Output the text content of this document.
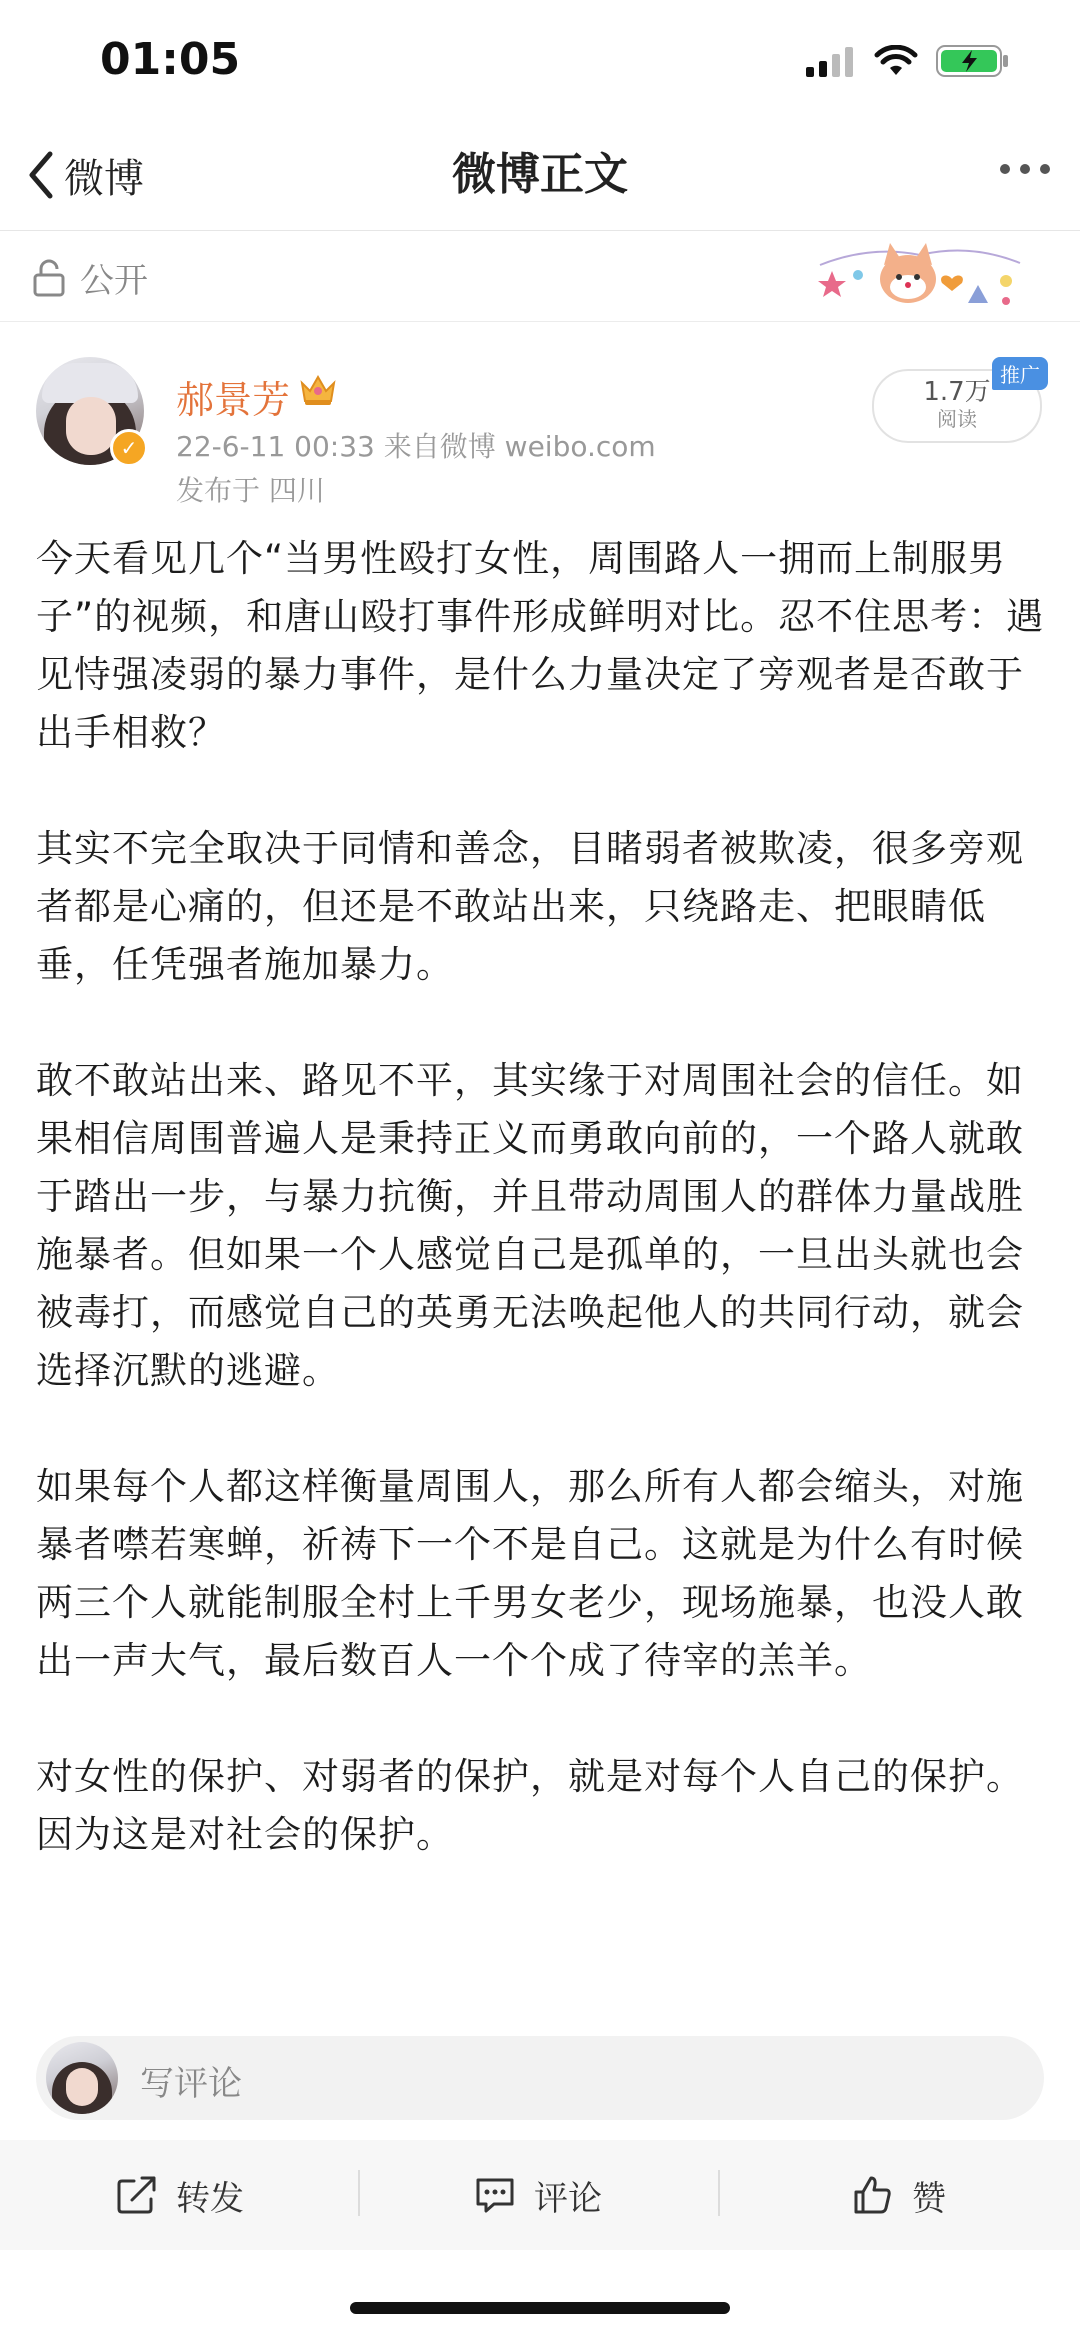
01:05
微博	微博正文
公开
✓
郝景芳
22-6-11 00:33 来自微博 weibo.com
发布于 四川
1.7万
阅读
推广

今天看见几个“当男性殴打女性，周围路人一拥而上制服男子”的视频，和唐山殴打事件形成鲜明对比。忍不住思考：遇见恃强凌弱的暴力事件，是什么力量决定了旁观者是否敢于出手相救？

其实不完全取决于同情和善念，目睹弱者被欺凌，很多旁观者都是心痛的，但还是不敢站出来，只绕路走、把眼睛低垂，任凭强者施加暴力。

敢不敢站出来、路见不平，其实缘于对周围社会的信任。如果相信周围普遍人是秉持正义而勇敢向前的，一个路人就敢于踏出一步，与暴力抗衡，并且带动周围人的群体力量战胜施暴者。但如果一个人感觉自己是孤单的，一旦出头就也会被毒打，而感觉自己的英勇无法唤起他人的共同行动，就会选择沉默的逃避。

如果每个人都这样衡量周围人，那么所有人都会缩头，对施暴者噤若寒蝉，祈祷下一个不是自己。这就是为什么有时候两三个人就能制服全村上千男女老少，现场施暴，也没人敢出一声大气，最后数百人一个个成了待宰的羔羊。

对女性的保护、对弱者的保护，就是对每个人自己的保护。因为这是对社会的保护。

写评论
转发	评论	赞
